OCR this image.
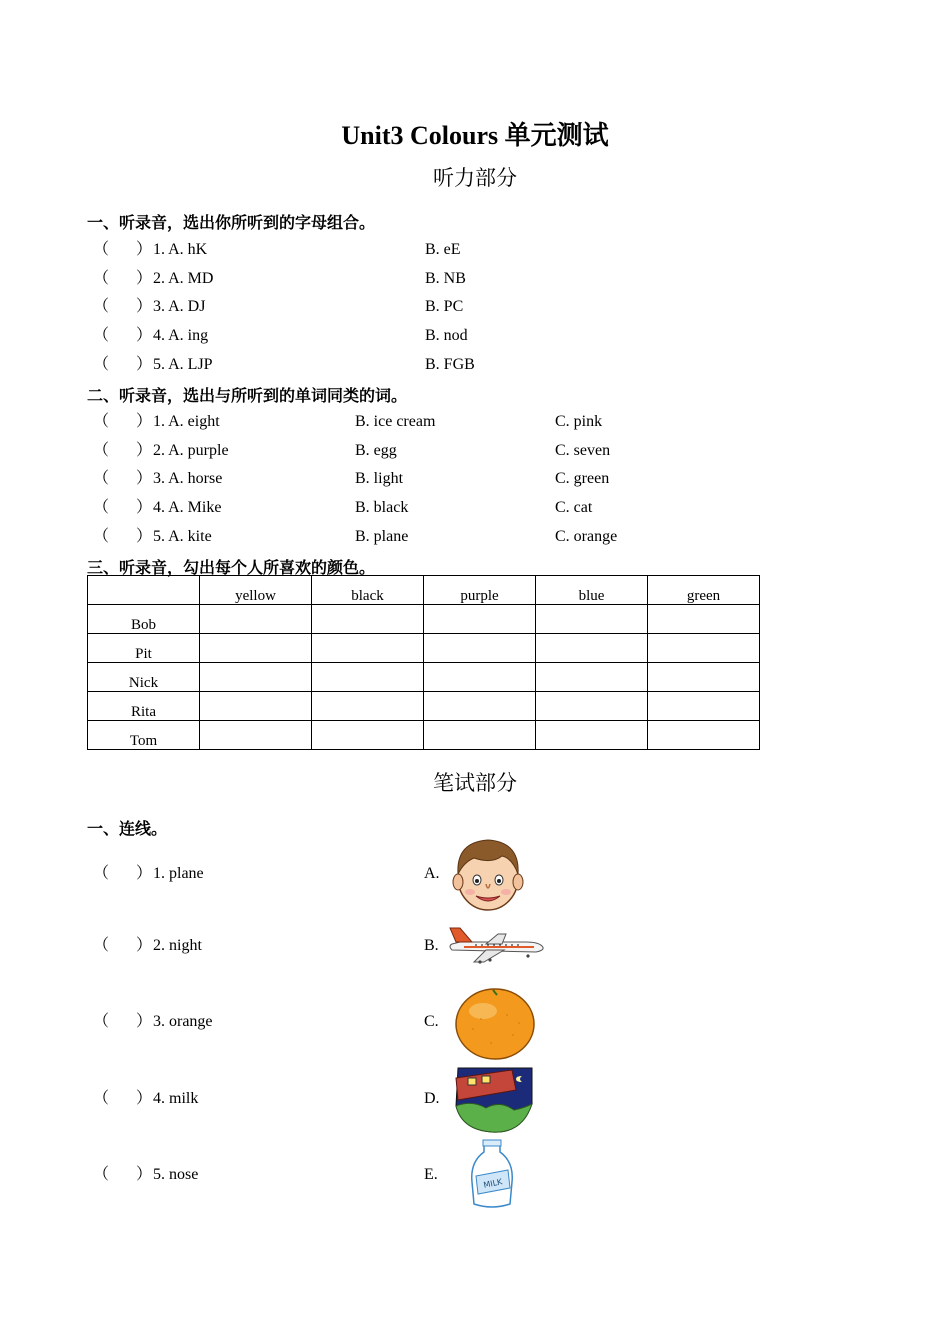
Unit3 Colours 单元测试
听力部分
一、听录音，选出你所听到的字母组合。
（ ） 1. A. hK	B. eE
（ ） 2. A. MD	B. NB
（ ） 3. A. DJ	B. PC
（ ） 4. A. ing	B. nod
（ ） 5. A. LJP	B. FGB
二、听录音，选出与所听到的单词同类的词。
（ ） 1. A. eight	B. ice cream	C. pink
（ ） 2. A. purple	B. egg	C. seven
（ ） 3. A. horse	B. light	C. green
（ ） 4. A. Mike	B. black	C. cat
（ ） 5. A. kite	B. plane	C. orange
三、听录音，勾出每个人所喜欢的颜色。
	yellow	black	purple	blue	green
Bob					
Pit					
Nick					
Rita					
Tom					
笔试部分
一、连线。
（ ） 1. plane	A.
（ ） 2. night	B.
（ ） 3. orange	C.
（ ） 4. milk	D.
（ ） 5. nose	E.
MILK
